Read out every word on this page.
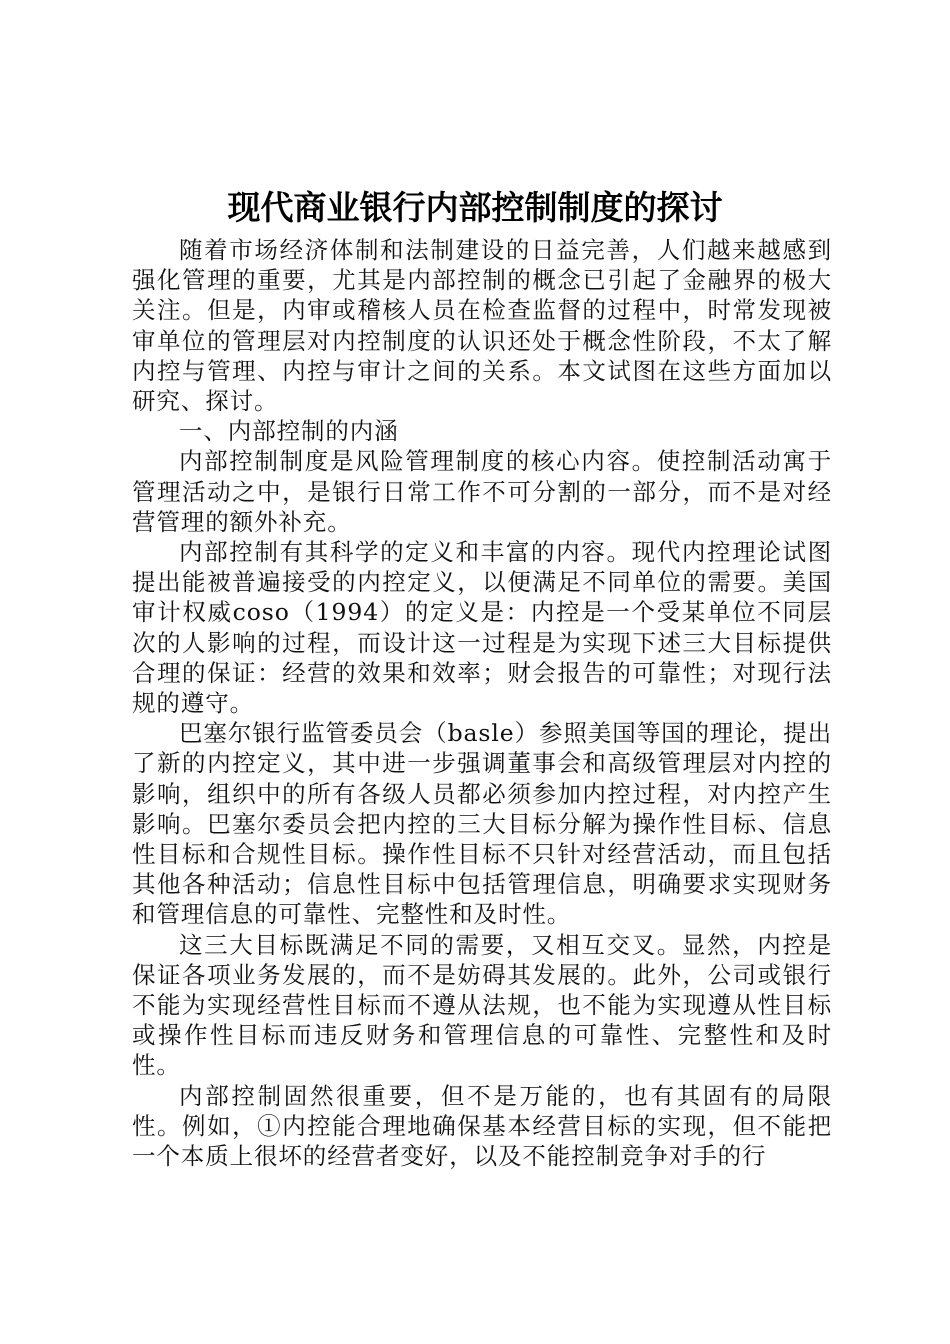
现代商业银行内部控制制度的探讨

随着市场经济体制和法制建设的日益完善，人们越来越感到强化管理的重要，尤其是内部控制的概念已引起了金融界的极大关注。但是，内审或稽核人员在检查监督的过程中，时常发现被审单位的管理层对内控制度的认识还处于概念性阶段，不太了解内控与管理、内控与审计之间的关系。本文试图在这些方面加以研究、探讨。

一、内部控制的内涵

内部控制制度是风险管理制度的核心内容。使控制活动寓于管理活动之中，是银行日常工作不可分割的一部分，而不是对经营管理的额外补充。

内部控制有其科学的定义和丰富的内容。现代内控理论试图提出能被普遍接受的内控定义，以便满足不同单位的需要。美国审计权威coso（1994）的定义是：内控是一个受某单位不同层次的人影响的过程，而设计这一过程是为实现下述三大目标提供合理的保证：经营的效果和效率；财会报告的可靠性；对现行法规的遵守。

巴塞尔银行监管委员会（basle）参照美国等国的理论，提出了新的内控定义，其中进一步强调董事会和高级管理层对内控的影响，组织中的所有各级人员都必须参加内控过程，对内控产生影响。巴塞尔委员会把内控的三大目标分解为操作性目标、信息性目标和合规性目标。操作性目标不只针对经营活动，而且包括其他各种活动；信息性目标中包括管理信息，明确要求实现财务和管理信息的可靠性、完整性和及时性。

这三大目标既满足不同的需要，又相互交叉。显然，内控是保证各项业务发展的，而不是妨碍其发展的。此外，公司或银行不能为实现经营性目标而不遵从法规，也不能为实现遵从性目标或操作性目标而违反财务和管理信息的可靠性、完整性和及时性。

内部控制固然很重要，但不是万能的，也有其固有的局限性。例如，①内控能合理地确保基本经营目标的实现，但不能把一个本质上很坏的经营者变好，以及不能控制竞争对手的行
